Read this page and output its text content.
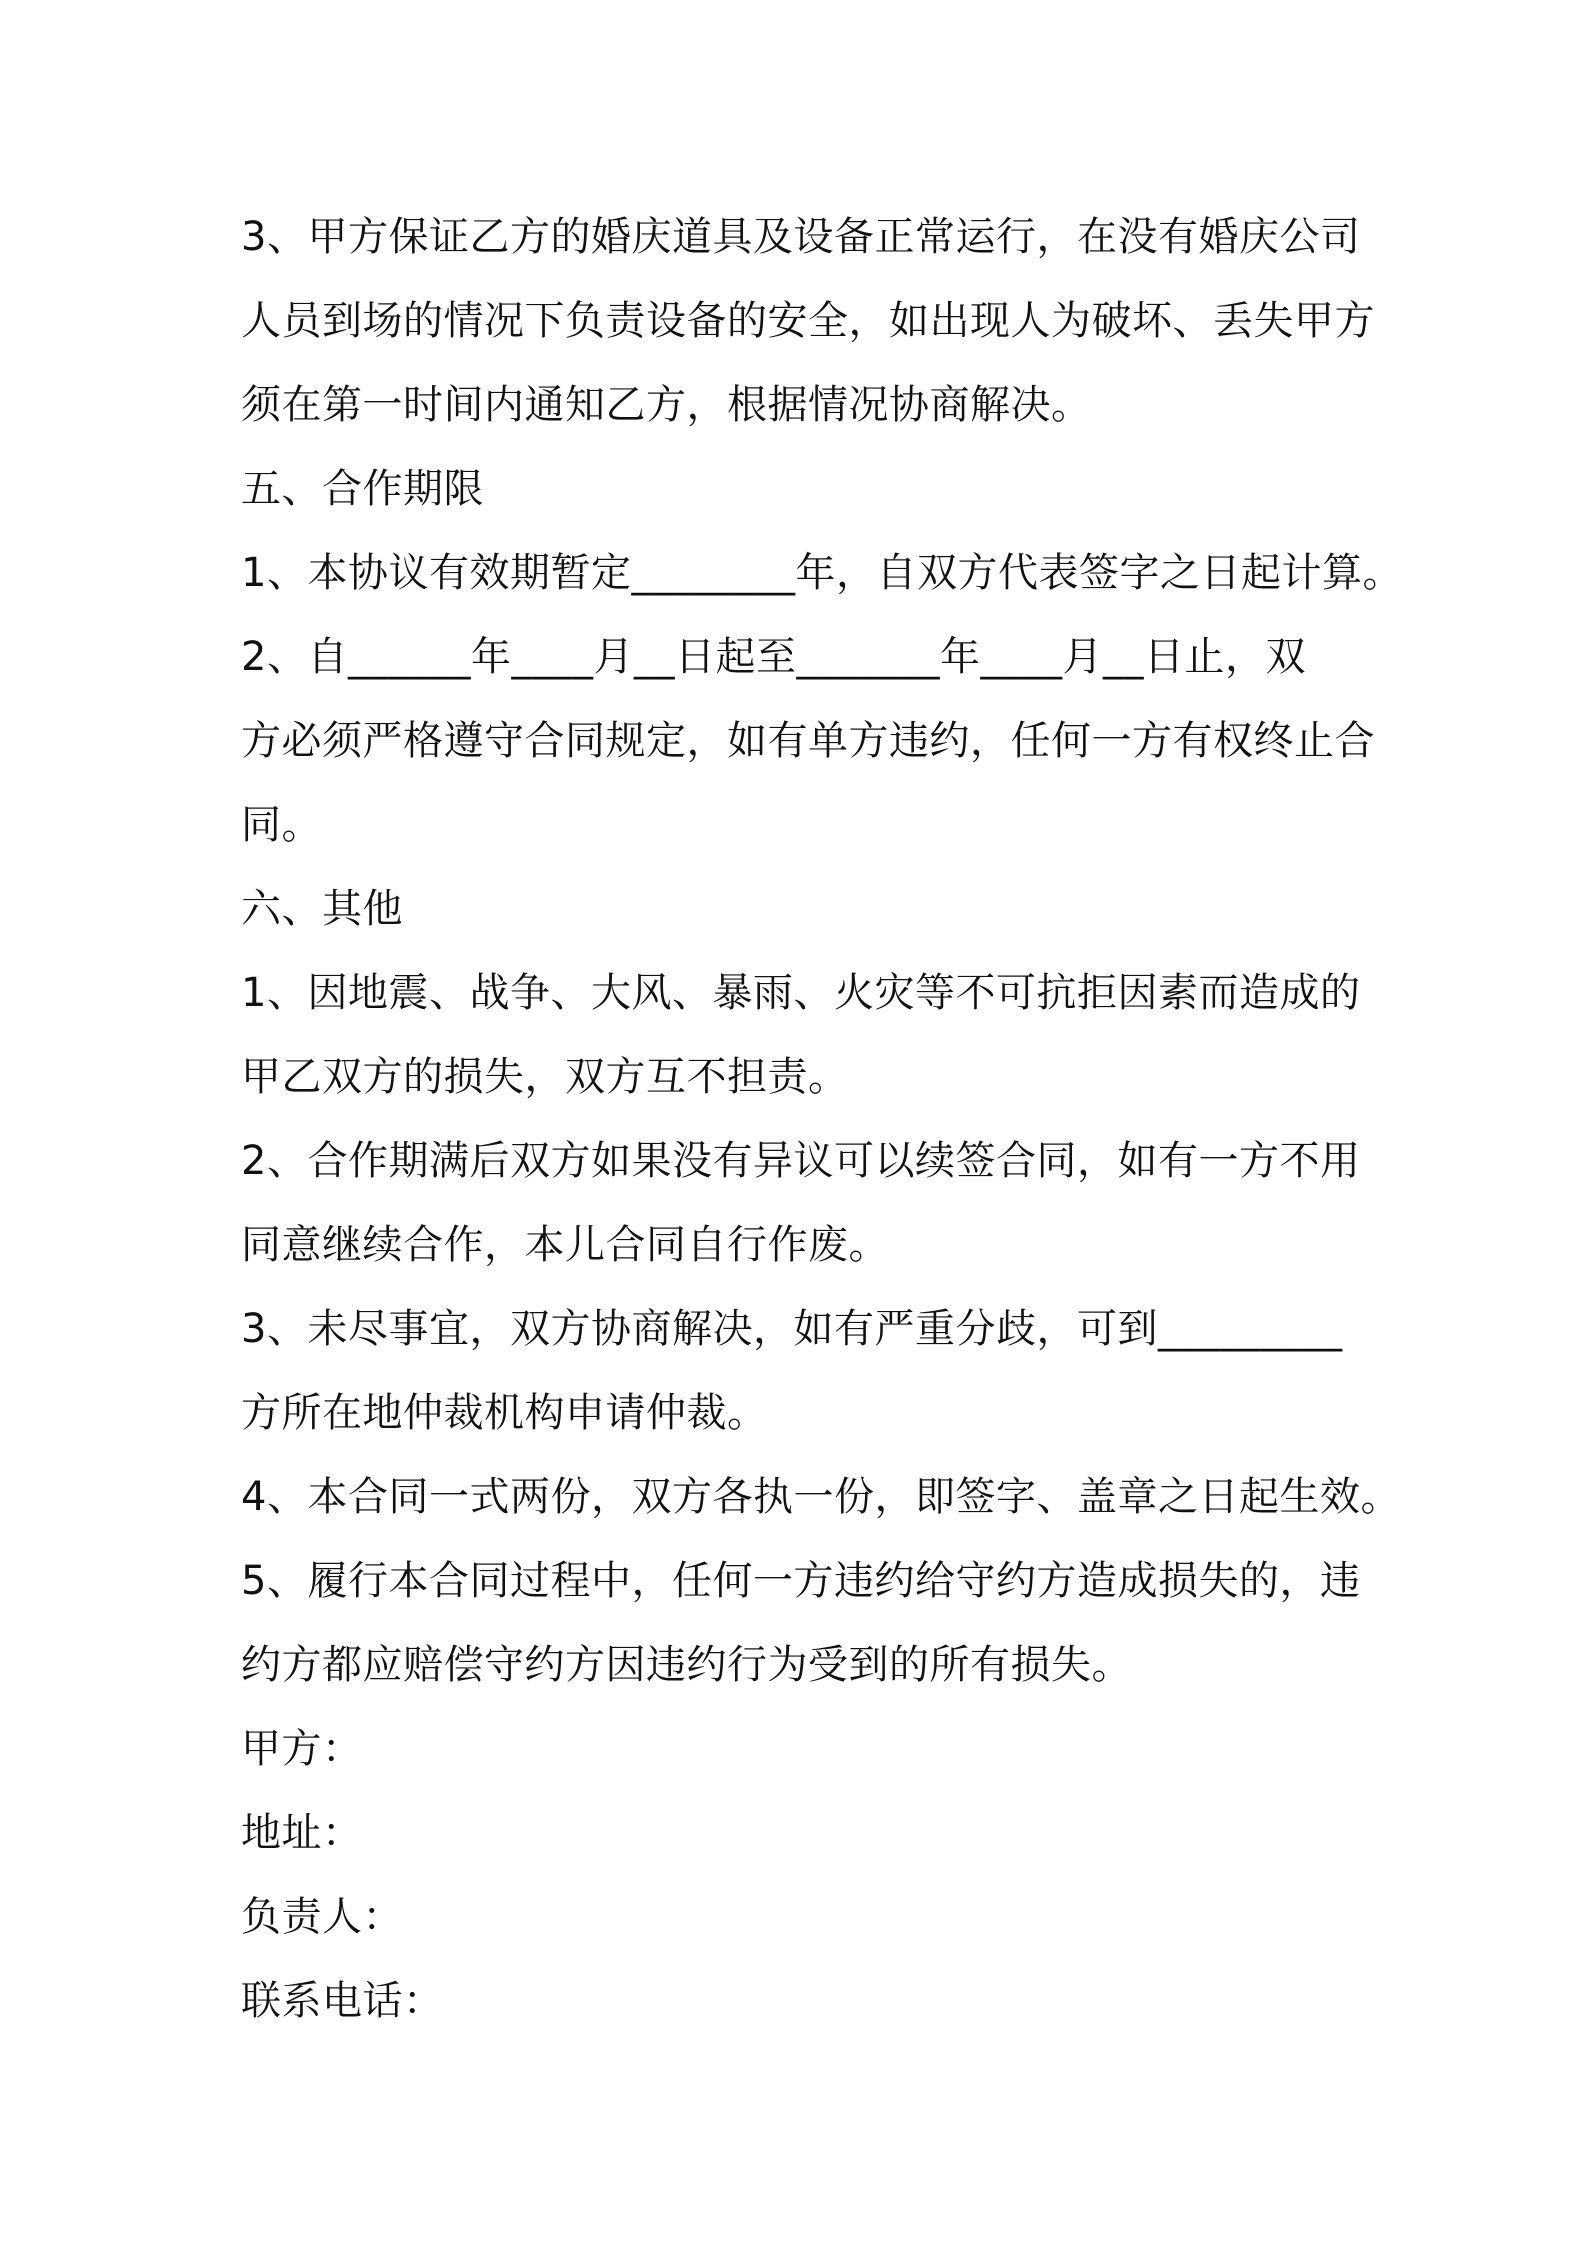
3、甲方保证乙方的婚庆道具及设备正常运行，在没有婚庆公司
人员到场的情况下负责设备的安全，如出现人为破坏、丢失甲方
须在第一时间内通知乙方，根据情况协商解决。
五、合作期限
1、本协议有效期暂定________年，自双方代表签字之日起计算。
2、自______年____月__日起至_______年____月__日止，双
方必须严格遵守合同规定，如有单方违约，任何一方有权终止合
同。
六、其他
1、因地震、战争、大风、暴雨、火灾等不可抗拒因素而造成的
甲乙双方的损失，双方互不担责。
2、合作期满后双方如果没有异议可以续签合同，如有一方不用
同意继续合作，本儿合同自行作废。
3、未尽事宜，双方协商解决，如有严重分歧，可到_________
方所在地仲裁机构申请仲裁。
4、本合同一式两份，双方各执一份，即签字、盖章之日起生效。
5、履行本合同过程中，任何一方违约给守约方造成损失的，违
约方都应赔偿守约方因违约行为受到的所有损失。
甲方：
地址：
负责人：
联系电话：
